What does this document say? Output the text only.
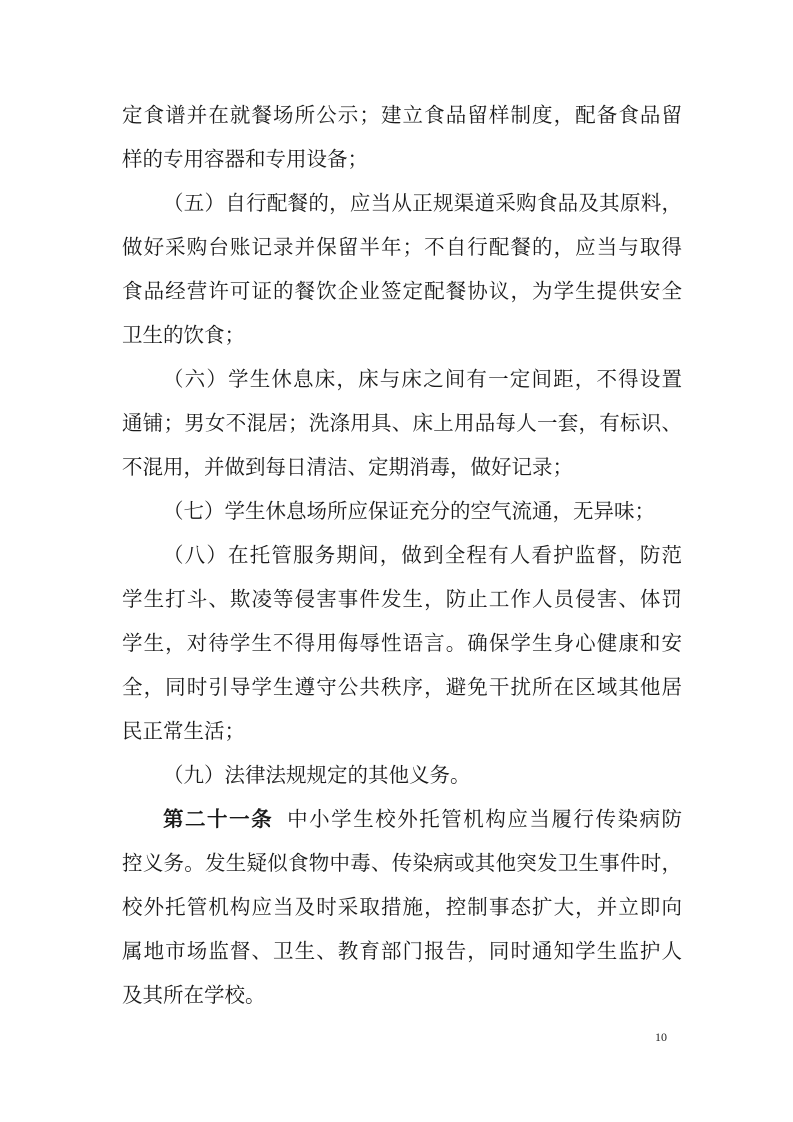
定食谱并在就餐场所公示；建立食品留样制度，配备食品留
样的专用容器和专用设备；
（五）自行配餐的，应当从正规渠道采购食品及其原料，
做好采购台账记录并保留半年；不自行配餐的，应当与取得
食品经营许可证的餐饮企业签定配餐协议，为学生提供安全
卫生的饮食；
（六）学生休息床，床与床之间有一定间距，不得设置
通铺；男女不混居；洗涤用具、床上用品每人一套，有标识、
不混用，并做到每日清洁、定期消毒，做好记录；
（七）学生休息场所应保证充分的空气流通，无异味；
（八）在托管服务期间，做到全程有人看护监督，防范
学生打斗、欺凌等侵害事件发生，防止工作人员侵害、体罚
学生，对待学生不得用侮辱性语言。确保学生身心健康和安
全，同时引导学生遵守公共秩序，避免干扰所在区域其他居
民正常生活；
（九）法律法规规定的其他义务。
第二十一条 中小学生校外托管机构应当履行传染病防
控义务。发生疑似食物中毒、传染病或其他突发卫生事件时，
校外托管机构应当及时采取措施，控制事态扩大，并立即向
属地市场监督、卫生、教育部门报告，同时通知学生监护人
及其所在学校。
10
